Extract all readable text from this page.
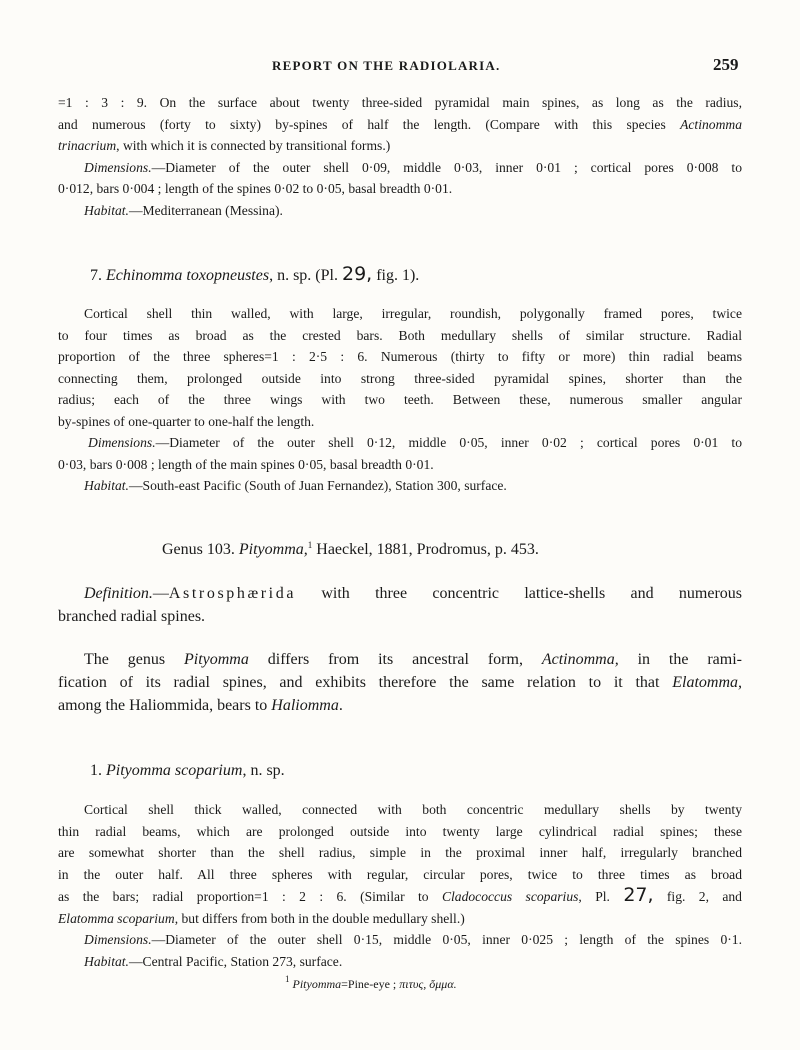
REPORT ON THE RADIOLARIA.	259
=1 : 3 : 9. On the surface about twenty three-sided pyramidal main spines, as long as the radius,
and numerous (forty to sixty) by-spines of half the length. (Compare with this species Actinomma
trinacrium, with which it is connected by transitional forms.)
Dimensions.—Diameter of the outer shell 0·09, middle 0·03, inner 0·01 ; cortical pores 0·008 to
0·012, bars 0·004 ; length of the spines 0·02 to 0·05, basal breadth 0·01.
Habitat.—Mediterranean (Messina).
7. Echinomma toxopneustes, n. sp. (Pl. 29, fig. 1).
Cortical shell thin walled, with large, irregular, roundish, polygonally framed pores, twice
to four times as broad as the crested bars. Both medullary shells of similar structure. Radial
proportion of the three spheres=1 : 2·5 : 6. Numerous (thirty to fifty or more) thin radial beams
connecting them, prolonged outside into strong three-sided pyramidal spines, shorter than the
radius; each of the three wings with two teeth. Between these, numerous smaller angular
by-spines of one-quarter to one-half the length.
Dimensions.—Diameter of the outer shell 0·12, middle 0·05, inner 0·02 ; cortical pores 0·01 to
0·03, bars 0·008 ; length of the main spines 0·05, basal breadth 0·01.
Habitat.—South-east Pacific (South of Juan Fernandez), Station 300, surface.
Genus 103. Pityomma,$^1$ Haeckel, 1881, Prodromus, p. 453.
Definition.—Astrosphærida with three concentric lattice-shells and numerous
branched radial spines.
The genus Pityomma differs from its ancestral form, Actinomma, in the rami-
fication of its radial spines, and exhibits therefore the same relation to it that Elatomma,
among the Haliommida, bears to Haliomma.
1. Pityomma scoparium, n. sp.
Cortical shell thick walled, connected with both concentric medullary shells by twenty
thin radial beams, which are prolonged outside into twenty large cylindrical radial spines; these
are somewhat shorter than the shell radius, simple in the proximal inner half, irregularly branched
in the outer half. All three spheres with regular, circular pores, twice to three times as broad
as the bars; radial proportion=1 : 2 : 6. (Similar to Cladococcus scoparius, Pl. 27, fig. 2, and
Elatomma scoparium, but differs from both in the double medullary shell.)
Dimensions.—Diameter of the outer shell 0·15, middle 0·05, inner 0·025 ; length of the spines 0·1.
Habitat.—Central Pacific, Station 273, surface.
$^1$ Pityomma=Pine-eye ; πιτυς, ὄμμα.
